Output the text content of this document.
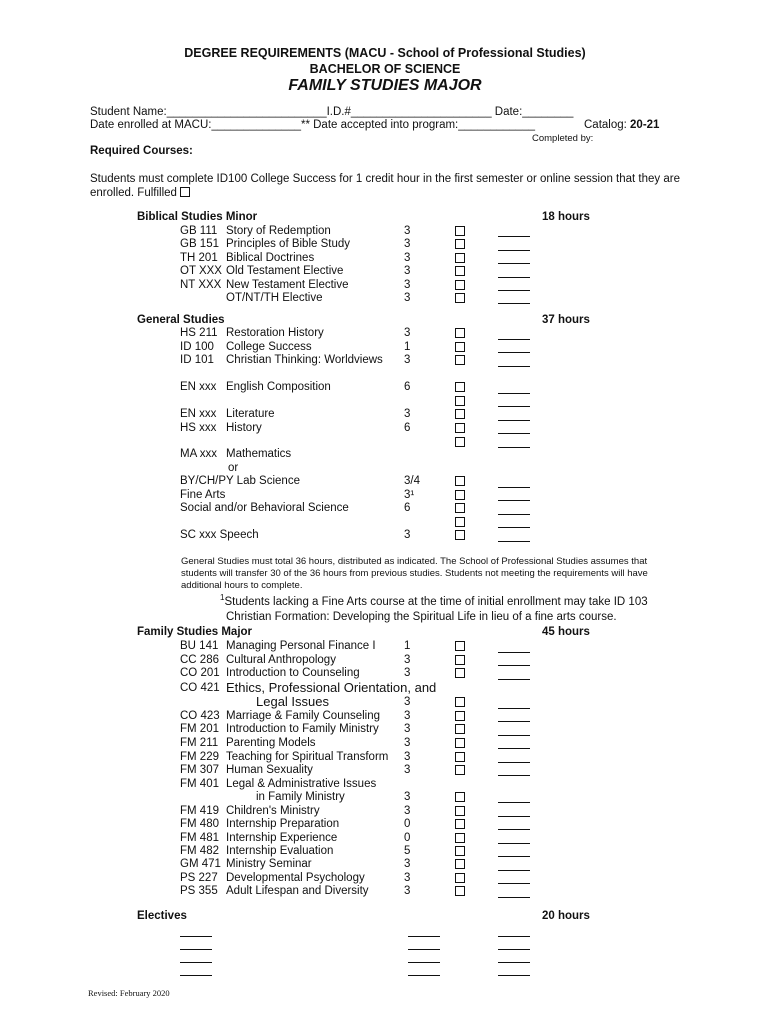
DEGREE REQUIREMENTS (MACU - School of Professional Studies)
BACHELOR OF SCIENCE
FAMILY STUDIES MAJOR
Student Name:_________________________I.D.#______________________ Date:________
Date enrolled at MACU:______________** Date accepted into program:____________	Catalog: 20-21
Completed by:
Required Courses:
Students must complete ID100 College Success for 1 credit hour in the first semester or online session that they are enrolled. Fulfilled
Biblical Studies Minor	18 hours
General Studies	37 hours
Family Studies Major	45 hours
Electives	20 hours
GB 111 Story of Redemption	3
GB 151 Principles of Bible Study	3
TH 201 Biblical Doctrines	3
OT XXX Old Testament Elective	3
NT XXX New Testament Elective	3
OT/NT/TH Elective	3
HS 211 Restoration History	3
ID 100	College Success	1
ID 101	Christian Thinking: Worldviews 3
EN xxx English Composition	6
EN xxx Literature	3
HS xxx History	6
MA xxx Mathematics
or
BY/CH/PY Lab Science	3/4
Fine Arts	3¹
Social and/or Behavioral Science	6
SC xxx Speech	3
BU 141 Managing Personal Finance I 1
CC 286 Cultural Anthropology	3
CO 201 Introduction to Counseling	3
CO 421 Ethics, Professional Orientation, and
Legal Issues	3
CO 423 Marriage & Family Counseling 3
FM 201 Introduction to Family Ministry 3
FM 211 Parenting Models	3
FM 229 Teaching for Spiritual Transform 3
FM 307 Human Sexuality	3
FM 401 Legal & Administrative Issues
in Family Ministry	3
FM 419 Children's Ministry	3
FM 480 Internship Preparation	0
FM 481 Internship Experience	0
FM 482 Internship Evaluation	5
GM 471 Ministry Seminar	3
PS 227 Developmental Psychology	3
PS 355 Adult Lifespan and Diversity	3
General Studies must total 36 hours, distributed as indicated. The School of Professional Studies assumes that students will transfer 30 of the 36 hours from previous studies. Students not meeting the requirements will have additional hours to complete.
$^1$Students lacking a Fine Arts course at the time of initial enrollment may take ID 103 Christian Formation: Developing the Spiritual Life in lieu of a fine arts course.
Revised: February 2020
